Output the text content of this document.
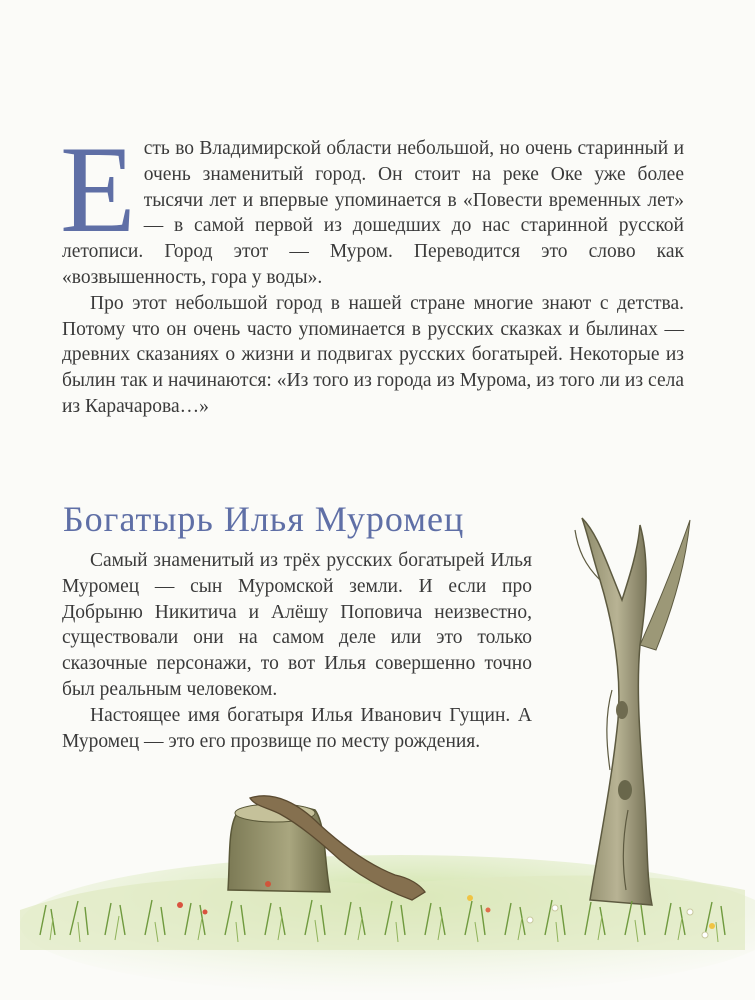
Е сть во Владимирской области небольшой, но очень старинный и очень знаменитый город. Он стоит на реке Оке уже более тысячи лет и впервые упоминается в «Повести временных лет» — в самой первой из дошедших до нас старинной русской летописи. Город этот — Муром. Переводится это слово как «возвышенность, гора у воды».

Про этот небольшой город в нашей стране многие знают с детства. Потому что он очень часто упоминается в русских сказках и былинах — древних сказаниях о жизни и подвигах русских богатырей. Некоторые из былин так и начинаются: «Из того из города из Мурома, из того ли из села из Карачарова…»

Богатырь Илья Муромец

Самый знаменитый из трёх русских богатырей Илья Муромец — сын Муромской земли. И если про Добрыню Никитича и Алёшу Поповича неизвестно, существовали они на самом деле или это только сказочные персонажи, то вот Илья совершенно точно был реальным человеком.

Настоящее имя богатыря Илья Иванович Гущин. А Муромец — это его прозвище по месту рождения.
